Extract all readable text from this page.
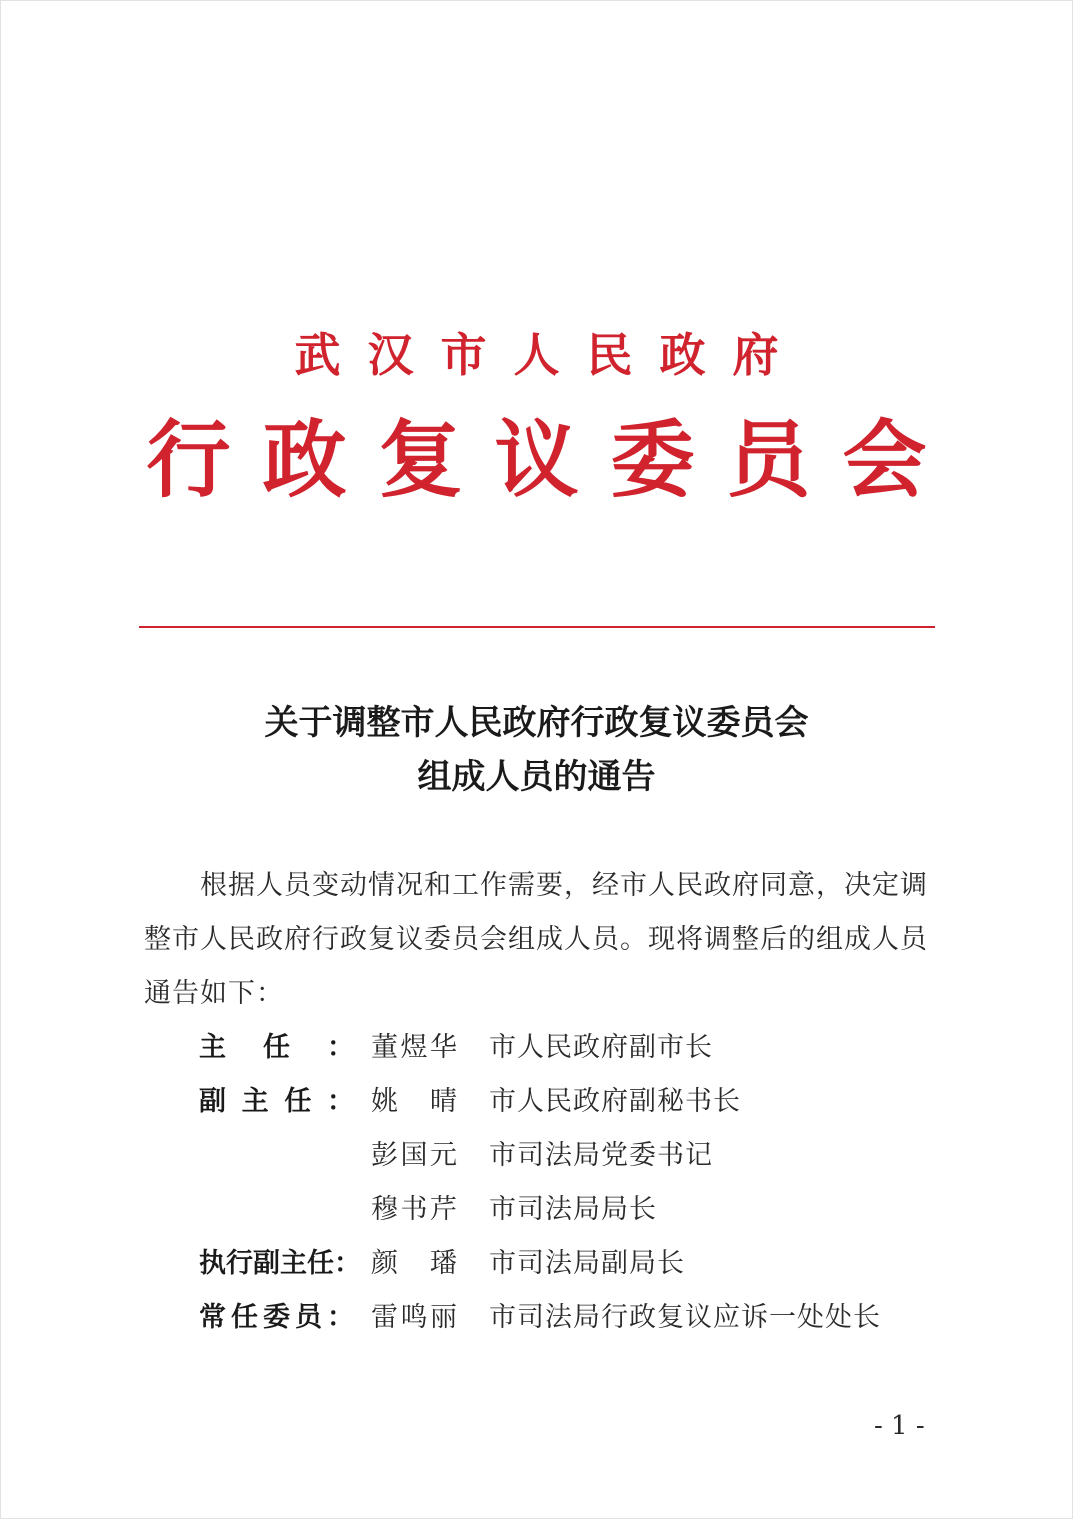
武汉市人民政府
行政复议委员会
关于调整市人民政府行政复议委员会
组成人员的通告
根据人员变动情况和工作需要，经市人民政府同意，决定调
整市人民政府行政复议委员会组成人员。现将调整后的组成人员
通告如下：
主 任 ： 董 煜 华 市人民政府副市长
副 主 任 ： 姚 晴 市人民政府副秘书长
彭 国 元 市司法局党委书记
穆 书 芹 市司法局局长
执 行 副 主 任 ： 颜 璠 市司法局副局长
常 任 委 员 ： 雷 鸣 丽 市司法局行政复议应诉一处处长
- 1 -
